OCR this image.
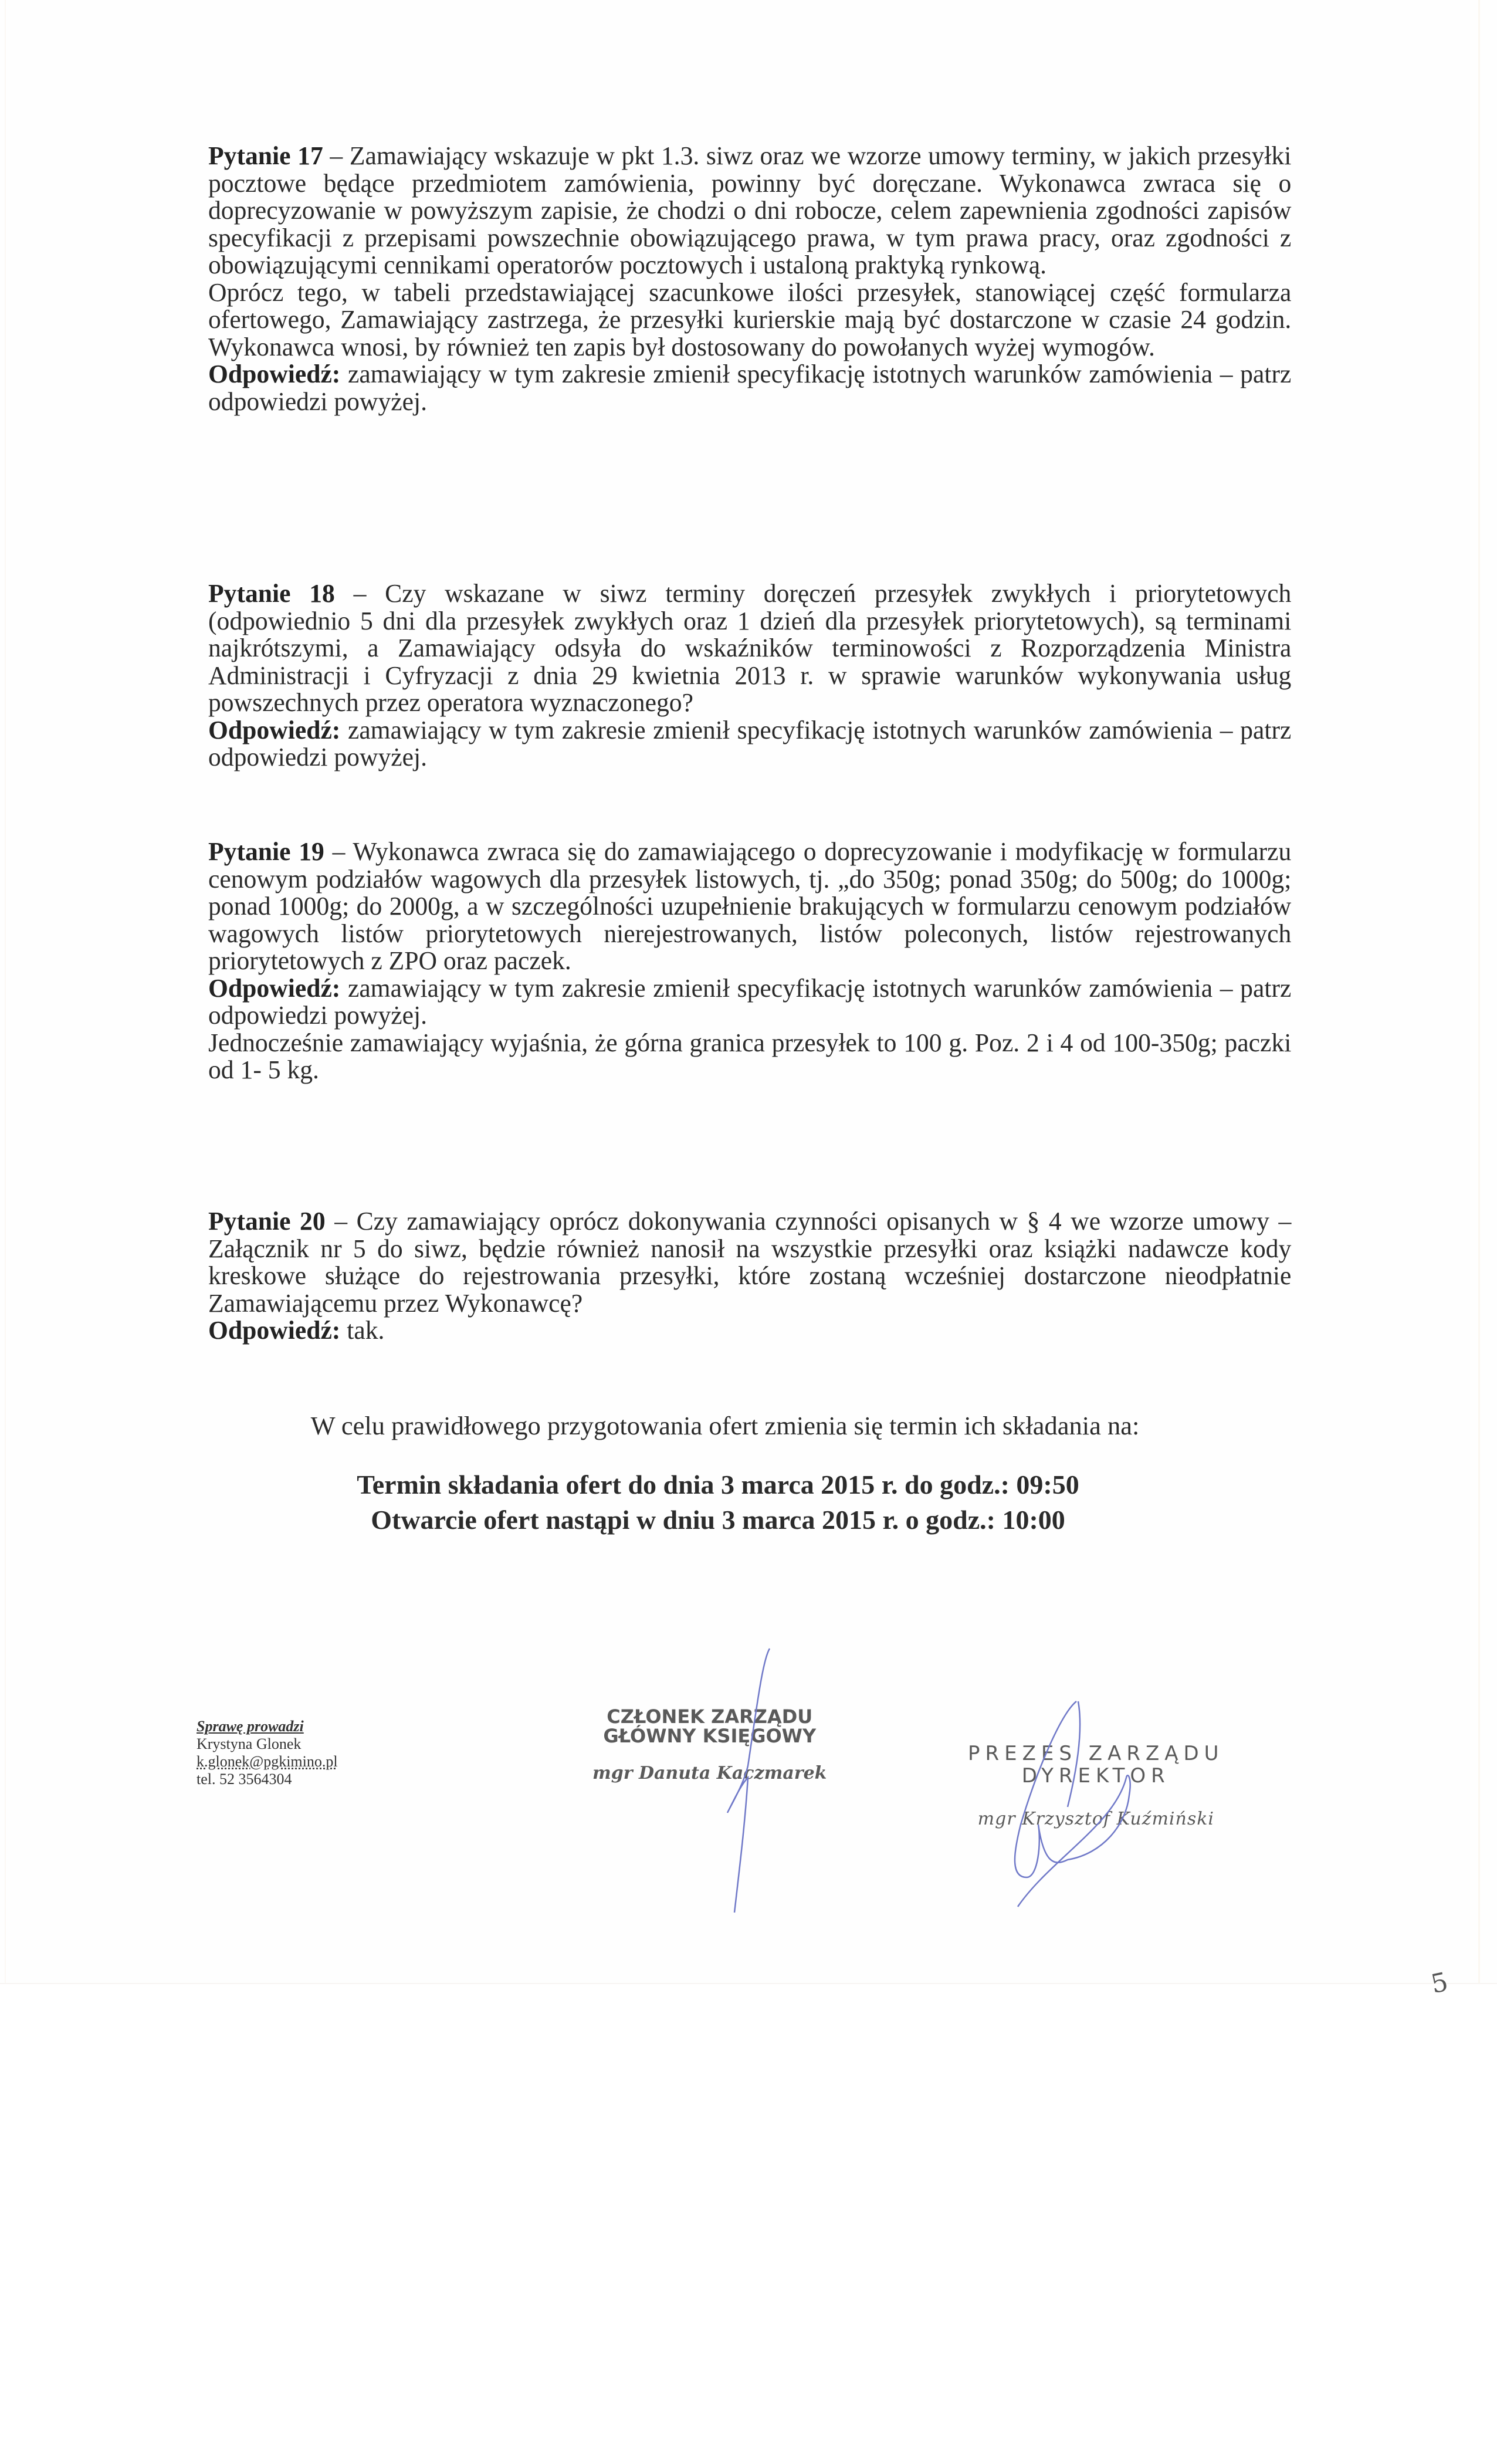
Pytanie 17 – Zamawiający wskazuje w pkt 1.3. siwz oraz we wzorze umowy terminy, w jakich przesyłki pocztowe będące przedmiotem zamówienia, powinny być doręczane. Wykonawca zwraca się o doprecyzowanie w powyższym zapisie, że chodzi o dni robocze, celem zapewnienia zgodności zapisów specyfikacji z przepisami powszechnie obowiązującego prawa, w tym prawa pracy, oraz zgodności z obowiązującymi cennikami operatorów pocztowych i ustaloną praktyką rynkową.

Oprócz tego, w tabeli przedstawiającej szacunkowe ilości przesyłek, stanowiącej część formularza ofertowego, Zamawiający zastrzega, że przesyłki kurierskie mają być dostarczone w czasie 24 godzin. Wykonawca wnosi, by również ten zapis był dostosowany do powołanych wyżej wymogów.

Odpowiedź: zamawiający w tym zakresie zmienił specyfikację istotnych warunków zamówienia – patrz odpowiedzi powyżej.

Pytanie 18 – Czy wskazane w siwz terminy doręczeń przesyłek zwykłych i priorytetowych (odpowiednio 5 dni dla przesyłek zwykłych oraz 1 dzień dla przesyłek priorytetowych), są terminami najkrótszymi, a Zamawiający odsyła do wskaźników terminowości z Rozporządzenia Ministra Administracji i Cyfryzacji z dnia 29 kwietnia 2013 r. w sprawie warunków wykonywania usług powszechnych przez operatora wyznaczonego?

Odpowiedź: zamawiający w tym zakresie zmienił specyfikację istotnych warunków zamówienia – patrz odpowiedzi powyżej.

Pytanie 19 – Wykonawca zwraca się do zamawiającego o doprecyzowanie i modyfikację w formularzu cenowym podziałów wagowych dla przesyłek listowych, tj. „do 350g; ponad 350g; do 500g; do 1000g; ponad 1000g; do 2000g, a w szczególności uzupełnienie brakujących w formularzu cenowym podziałów wagowych listów priorytetowych nierejestrowanych, listów poleconych, listów rejestrowanych priorytetowych z ZPO oraz paczek.

Odpowiedź: zamawiający w tym zakresie zmienił specyfikację istotnych warunków zamówienia – patrz odpowiedzi powyżej.

Jednocześnie zamawiający wyjaśnia, że górna granica przesyłek to 100 g. Poz. 2 i 4 od 100-350g; paczki od 1- 5 kg.

Pytanie 20 – Czy zamawiający oprócz dokonywania czynności opisanych w § 4 we wzorze umowy – Załącznik nr 5 do siwz, będzie również nanosił na wszystkie przesyłki oraz książki nadawcze kody kreskowe służące do rejestrowania przesyłki, które zostaną wcześniej dostarczone nieodpłatnie Zamawiającemu przez Wykonawcę?

Odpowiedź: tak.

W celu prawidłowego przygotowania ofert zmienia się termin ich składania na:
Termin składania ofert do dnia 3 marca 2015 r. do godz.: 09:50
Otwarcie ofert nastąpi w dniu 3 marca 2015 r. o godz.: 10:00
Sprawę prowadzi
Krystyna Glonek
k.glonek@pgkimino.pl
tel. 52 3564304
CZŁONEK ZARZĄDU
GŁÓWNY KSIĘGOWY
mgr Danuta Kaczmarek
PREZES ZARZĄDU
DYREKTOR
mgr Krzysztof Kuźmiński
5
